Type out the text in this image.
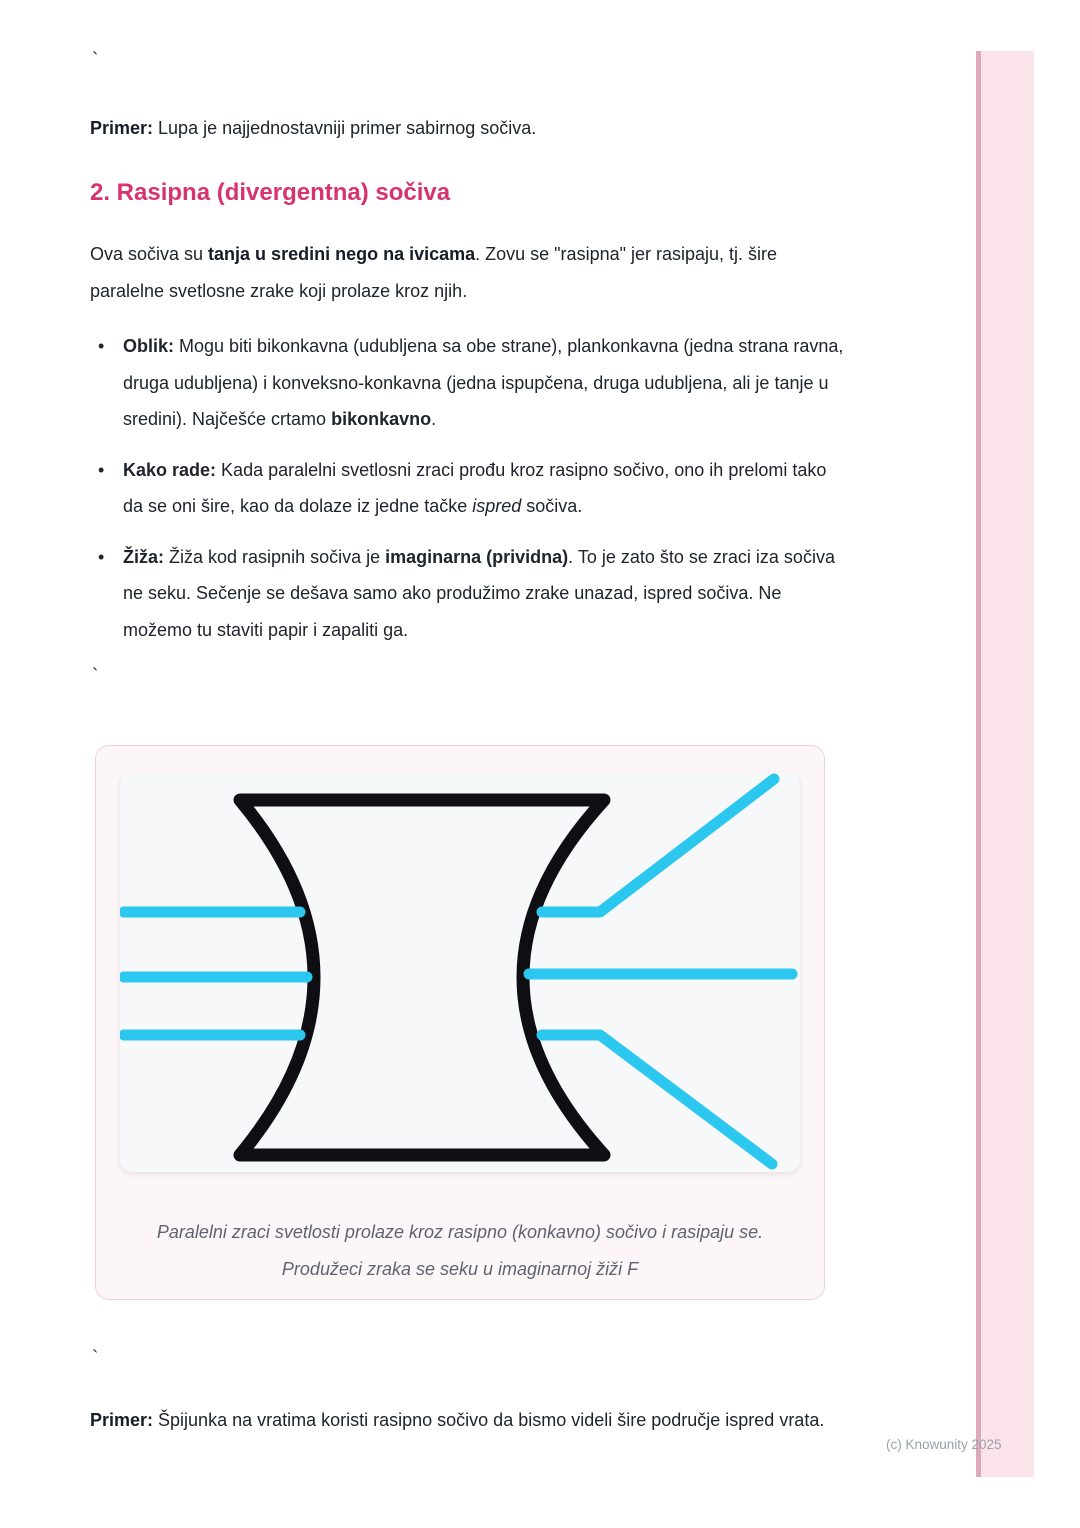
`

Primer: Lupa je najjednostavniji primer sabirnog sočiva.

2. Rasipna (divergentna) sočiva

Ova sočiva su tanja u sredini nego na ivicama. Zovu se "rasipna" jer rasipaju, tj. šire paralelne svetlosne zrake koji prolaze kroz njih.

• Oblik: Mogu biti bikonkavna (udubljena sa obe strane), plankonkavna (jedna strana ravna, druga udubljena) i konveksno-konkavna (jedna ispupčena, druga udubljena, ali je tanje u sredini). Najčešće crtamo bikonkavno.
• Kako rade: Kada paralelni svetlosni zraci prođu kroz rasipno sočivo, ono ih prelomi tako da se oni šire, kao da dolaze iz jedne tačke ispred sočiva.
• Žiža: Žiža kod rasipnih sočiva je imaginarna (prividna). To je zato što se zraci iza sočiva ne seku. Sečenje se dešava samo ako produžimo zrake unazad, ispred sočiva. Ne možemo tu staviti papir i zapaliti ga.
`
Paralelni zraci svetlosti prolaze kroz rasipno (konkavno) sočivo i rasipaju se.
Produžeci zraka se seku u imaginarnoj žiži F
`

Primer: Špijunka na vratima koristi rasipno sočivo da bismo videli šire područje ispred vrata.

(c) Knowunity 2025
